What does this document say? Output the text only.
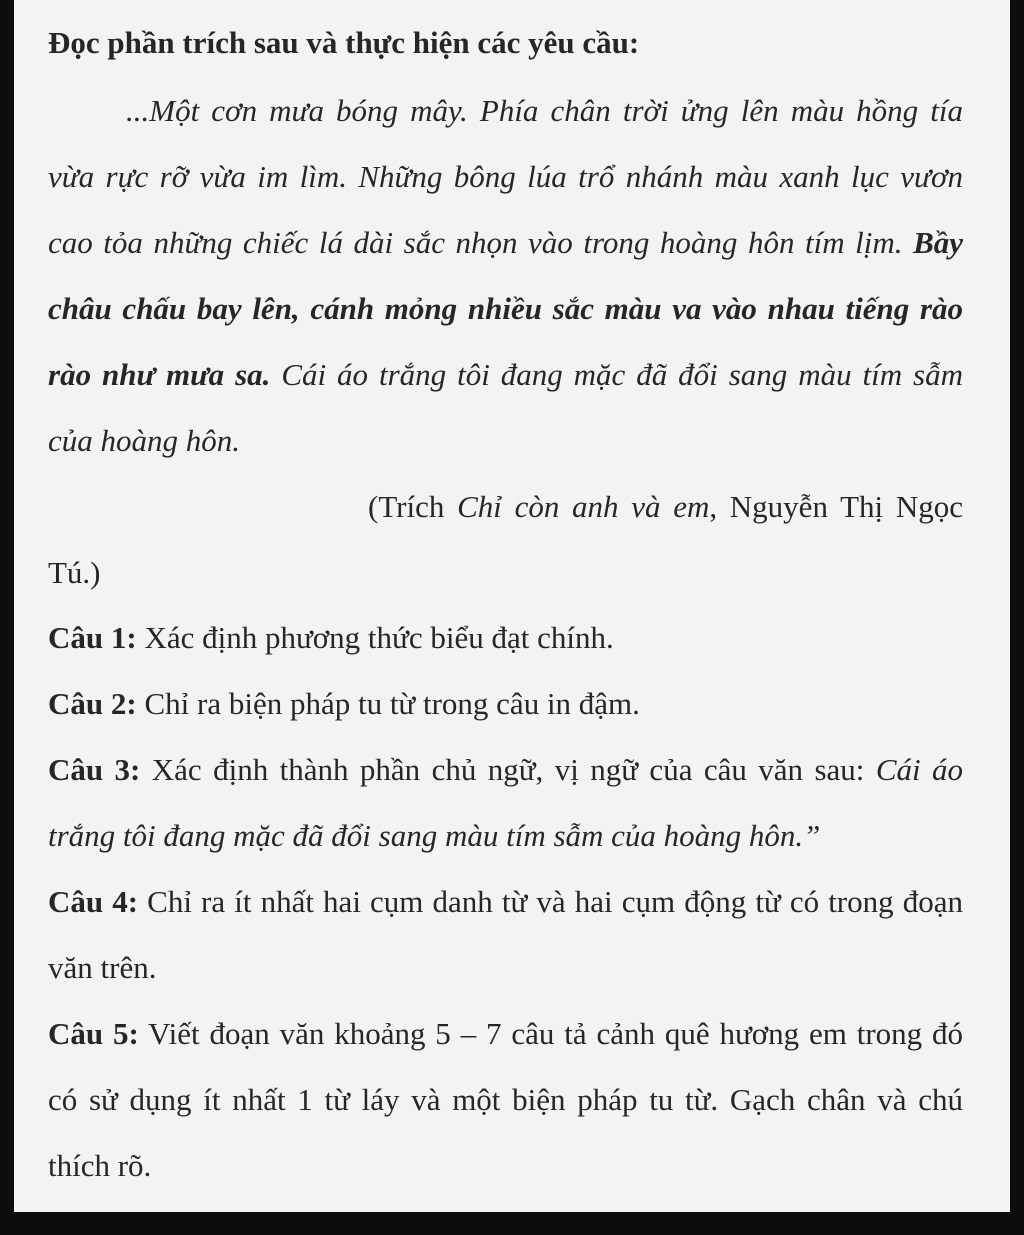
Đọc phần trích sau và thực hiện các yêu cầu:

...Một cơn mưa bóng mây. Phía chân trời ửng lên màu hồng tía vừa rực rỡ vừa im lìm. Những bông lúa trổ nhánh màu xanh lục vươn cao tỏa những chiếc lá dài sắc nhọn vào trong hoàng hôn tím lịm. Bầy châu chấu bay lên, cánh mỏng nhiều sắc màu va vào nhau tiếng rào rào như mưa sa. Cái áo trắng tôi đang mặc đã đổi sang màu tím sẫm của hoàng hôn.

(Trích Chỉ còn anh và em, Nguyễn Thị Ngọc Tú.)

Câu 1: Xác định phương thức biểu đạt chính.

Câu 2: Chỉ ra biện pháp tu từ trong câu in đậm.

Câu 3: Xác định thành phần chủ ngữ, vị ngữ của câu văn sau: Cái áo trắng tôi đang mặc đã đổi sang màu tím sẫm của hoàng hôn.”

Câu 4: Chỉ ra ít nhất hai cụm danh từ và hai cụm động từ có trong đoạn văn trên.

Câu 5: Viết đoạn văn khoảng 5 – 7 câu tả cảnh quê hương em trong đó có sử dụng ít nhất 1 từ láy và một biện pháp tu từ. Gạch chân và chú thích rõ.
